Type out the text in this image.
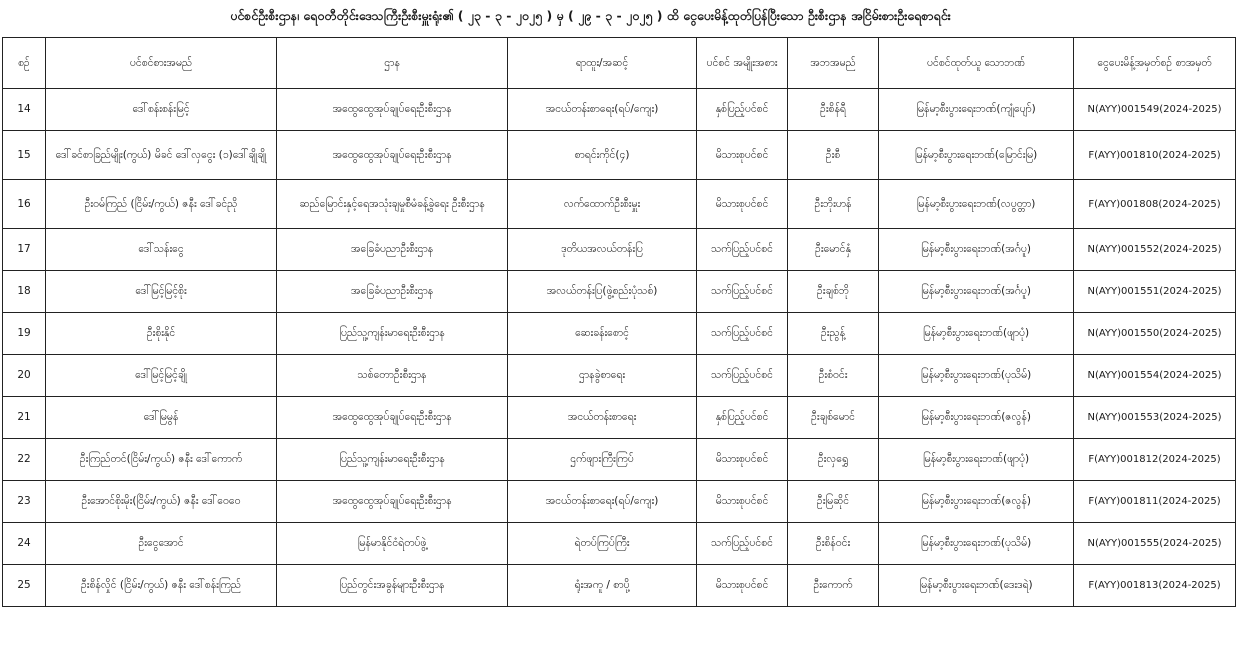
ပင်စင်ဦးစီးဌာန၊ ရေဝတီတိုင်းဒေသကြီးဦးစီးမှူးရုံး၏ ( ၂၃ - ၃ - ၂၀၂၅ ) မှ ( ၂၉ - ၃ - ၂၀၂၅ ) ထိ ငွေပေးမိန့်ထုတ်ပြန်ပြီးသော ဦးစီးဌာန အငြိမ်းစားဦးရေစာရင်း
စဉ်	ပင်စင်စားအမည်	ဌာန	ရာထူး/အဆင့်	ပင်စင် အမျိုးအစား	အဘအမည်	ပင်စင်ထုတ်ယူ သောဘဏ်	ငွေပေးမိန့်အမှတ်စဉ် စာအမှတ်
14	ဒေါ်စန်းစန်းမြင့်	အထွေထွေအုပ်ချုပ်ရေးဦးစီးဌာန	အငယ်တန်းစာရေး(ရပ်/ကျေး)	နှစ်ပြည့်ပင်စင်	ဦးစိန်ရီ	မြန်မာ့စီးပွားရေးဘဏ်(ကျုံပျော်)	N(AYY)001549(2024-2025)
15	ဒေါ်ခင်စာခြည်မျိုး(ကွယ်) မိခင် ဒေါ်လှငွေး (၁)ဒေါ်ချိုချို	အထွေထွေအုပ်ချုပ်ရေးဦးစီးဌာန	စာရင်းကိုင်(၄)	မိသားစုပင်စင်	ဦးစီ	မြန်မာ့စီးပွားရေးဘဏ်(မြောင်းမြ)	F(AYY)001810(2024-2025)
16	ဦးဝမ်ကြည် (ငြိမ်း/ကွယ်) ဇနီး ဒေါ်ခင်ညို	ဆည်မြောင်းနှင့်ရေအသုံးချမှုစီမံခန့်ခွဲရေး ဦးစီးဌာန	လက်ထောက်ဦးစီးမှူး	မိသားစုပင်စင်	ဦးဘိုးဟန်	မြန်မာ့စီးပွားရေးဘဏ်(လပွတ္တာ)	F(AYY)001808(2024-2025)
17	ဒေါ်သန်းငွေ	အခြေခံပညာဦးစီးဌာန	ဒုတိယအလယ်တန်းပြ	သက်ပြည့်ပင်စင်	ဦးမောင်နှံ	မြန်မာ့စီးပွားရေးဘဏ်(အင်္ဂပူ)	N(AYY)001552(2024-2025)
18	ဒေါ်မြင့်မြင့်စိုး	အခြေခံပညာဦးစီးဌာန	အလယ်တန်းပြ(ဖွဲ့စည်းပုံသစ်)	သက်ပြည့်ပင်စင်	ဦးချစ်ဘို	မြန်မာ့စီးပွားရေးဘဏ်(အင်္ဂပူ)	N(AYY)001551(2024-2025)
19	ဦးစိုးနိုင်	ပြည်သူ့ကျန်းမာရေးဦးစီးဌာန	ဆေးခန်းစောင့်	သက်ပြည့်ပင်စင်	ဦးညွန့်	မြန်မာ့စီးပွားရေးဘဏ်(ဖျာပုံ)	N(AYY)001550(2024-2025)
20	ဒေါ်မြင့်မြင့်ချို	သစ်တောဦးစီးဌာန	ဌာနခွဲစာရေး	သက်ပြည့်ပင်စင်	ဦးစံဝင်း	မြန်မာ့စီးပွားရေးဘဏ်(ပုသိမ်)	N(AYY)001554(2024-2025)
21	ဒေါ်မြမွန်	အထွေထွေအုပ်ချုပ်ရေးဦးစီးဌာန	အငယ်တန်းစာရေး	နှစ်ပြည့်ပင်စင်	ဦးချစ်မောင်	မြန်မာ့စီးပွားရေးဘဏ်(ဇလွန်)	N(AYY)001553(2024-2025)
22	ဦးကြည်တင်(ငြိမ်း/ကွယ်) ဇနီး ဒေါ်ကောက်	ပြည်သူ့ကျန်းမာရေးဦးစီးဌာန	ဌက်ဖျားကြီးကြပ်	မိသားစုပင်စင်	ဦးလှရွှေ	မြန်မာ့စီးပွားရေးဘဏ်(ဖျာပုံ)	F(AYY)001812(2024-2025)
23	ဦးအောင်စိုးမိုး(ငြိမ်း/ကွယ်) ဇနီး ဒေါ်ဝေဝေ	အထွေထွေအုပ်ချုပ်ရေးဦးစီးဌာန	အငယ်တန်းစာရေး(ရပ်/ကျေး)	မိသားစုပင်စင်	ဦးမြဆိုင်	မြန်မာ့စီးပွားရေးဘဏ်(ဇလွန်)	F(AYY)001811(2024-2025)
24	ဦးငွေအောင်	မြန်မာနိုင်ငံရဲတပ်ဖွဲ့	ရဲတပ်ကြပ်ကြီး	သက်ပြည့်ပင်စင်	ဦးစိန်ဝင်း	မြန်မာ့စီးပွားရေးဘဏ်(ပုသိမ်)	N(AYY)001555(2024-2025)
25	ဦးစိန်လှိုင် (ငြိမ်း/ကွယ်) ဇနီး ဒေါ်စန်းကြည်	ပြည်တွင်းအခွန်များဦးစီးဌာန	ရုံးအကူ / စာပို့	မိသားစုပင်စင်	ဦးကောက်	မြန်မာ့စီးပွားရေးဘဏ်(ဒေးဒရဲ)	F(AYY)001813(2024-2025)
